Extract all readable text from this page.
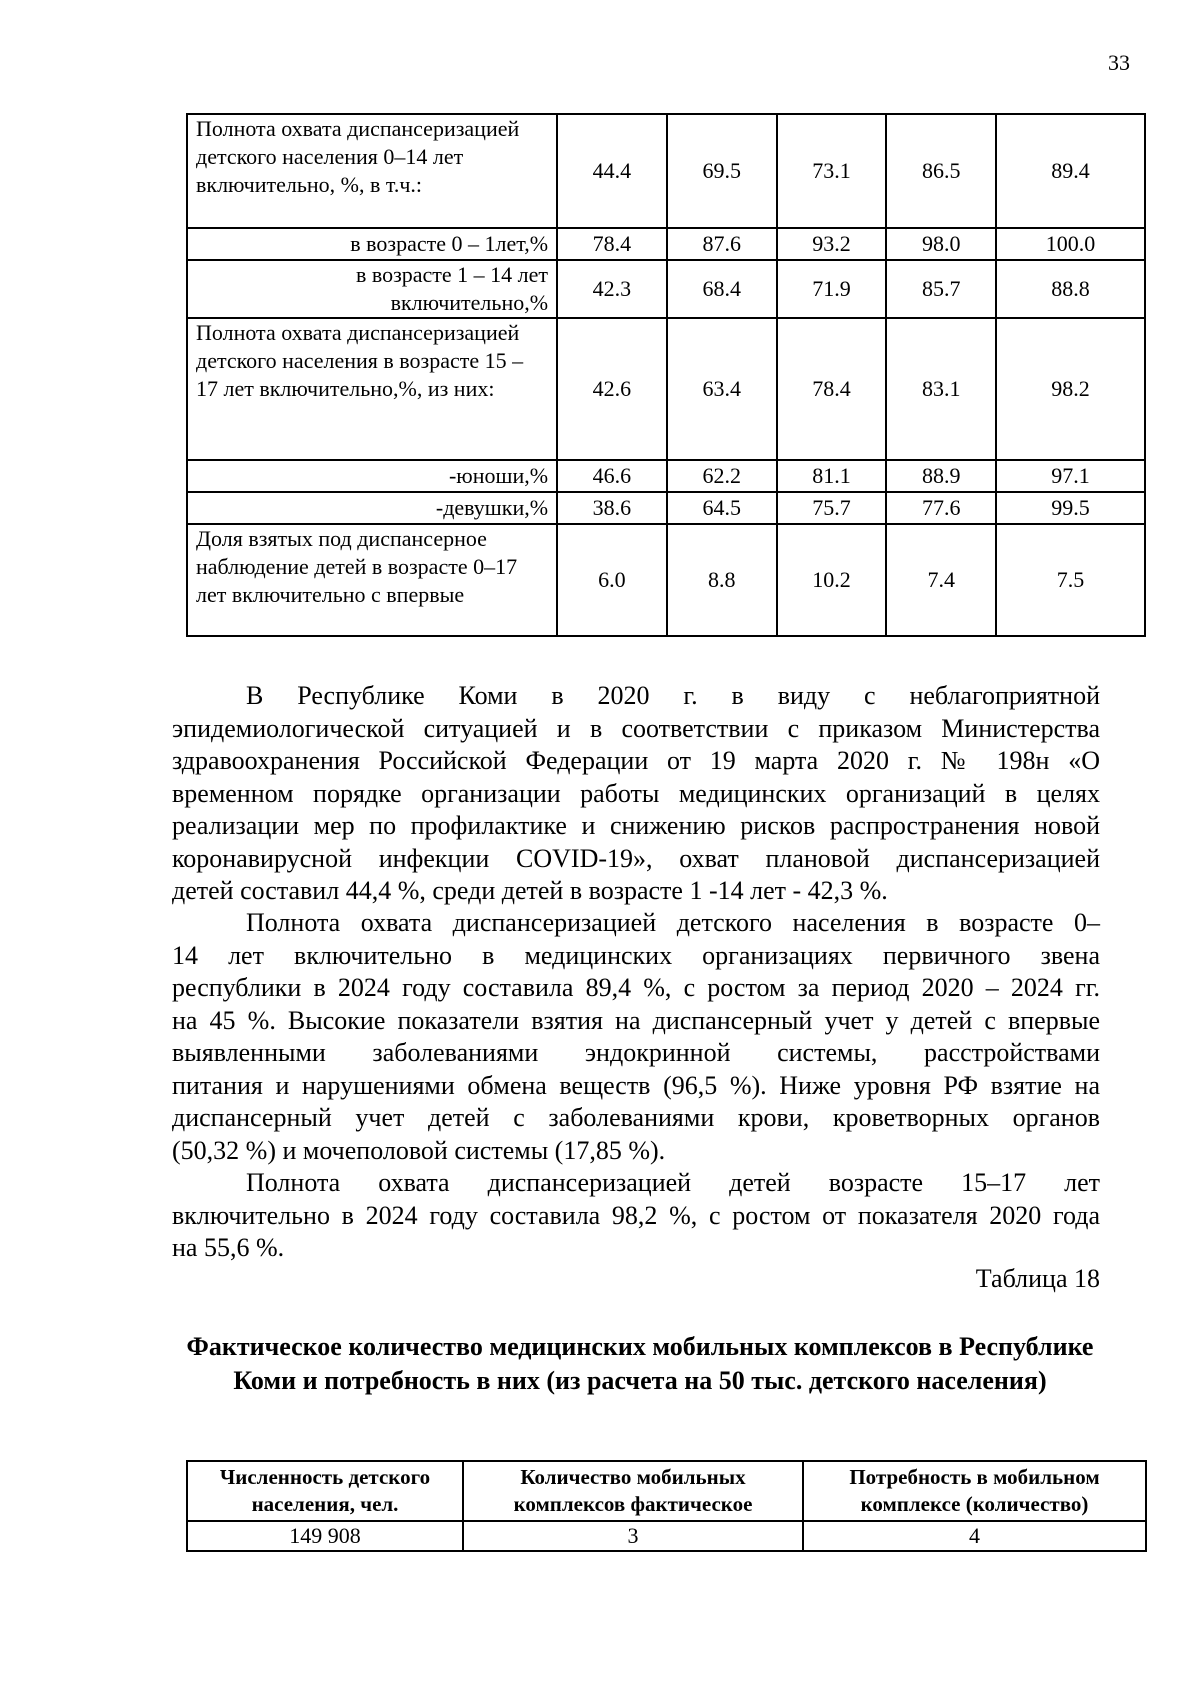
33
Полнота охвата диспансеризацией детского населения 0–14 лет включительно, %, в т.ч.:	44.4	69.5	73.1	86.5	89.4
в возрасте 0 – 1лет,%	78.4	87.6	93.2	98.0	100.0
в возрасте 1 – 14 лет включительно,%	42.3	68.4	71.9	85.7	88.8
Полнота охвата диспансеризацией детского населения в возрасте 15 – 17 лет включительно,%, из них:	42.6	63.4	78.4	83.1	98.2
-юноши,%	46.6	62.2	81.1	88.9	97.1
-девушки,%	38.6	64.5	75.7	77.6	99.5
Доля взятых под диспансерное наблюдение детей в возрасте 0–17 лет включительно с впервые	6.0	8.8	10.2	7.4	7.5
В Республике Коми в 2020 г. в виду с неблагоприятной
эпидемиологической ситуацией и в соответствии с приказом Министерства
здравоохранения Российской Федерации от 19 марта 2020 г. № 198н «О
временном порядке организации работы медицинских организаций в целях
реализации мер по профилактике и снижению рисков распространения новой
коронавирусной инфекции COVID-19», охват плановой диспансеризацией
детей составил 44,4 %, среди детей в возрасте 1 -14 лет - 42,3 %.
Полнота охвата диспансеризацией детского населения в возрасте 0–
14 лет включительно в медицинских организациях первичного звена
республики в 2024 году составила 89,4 %, с ростом за период 2020 – 2024 гг.
на 45 %. Высокие показатели взятия на диспансерный учет у детей с впервые
выявленными заболеваниями эндокринной системы, расстройствами
питания и нарушениями обмена веществ (96,5 %). Ниже уровня РФ взятие на
диспансерный учет детей с заболеваниями крови, кроветворных органов
(50,32 %) и мочеполовой системы (17,85 %).
Полнота охвата диспансеризацией детей возрасте 15–17 лет
включительно в 2024 году составила 98,2 %, с ростом от показателя 2020 года
на 55,6 %.
Таблица 18
Фактическое количество медицинских мобильных комплексов в Республике Коми и потребность в них (из расчета на 50 тыс. детского населения)
Численность детского населения, чел.	Количество мобильных комплексов фактическое	Потребность в мобильном комплексе (количество)
149 908	3	4
